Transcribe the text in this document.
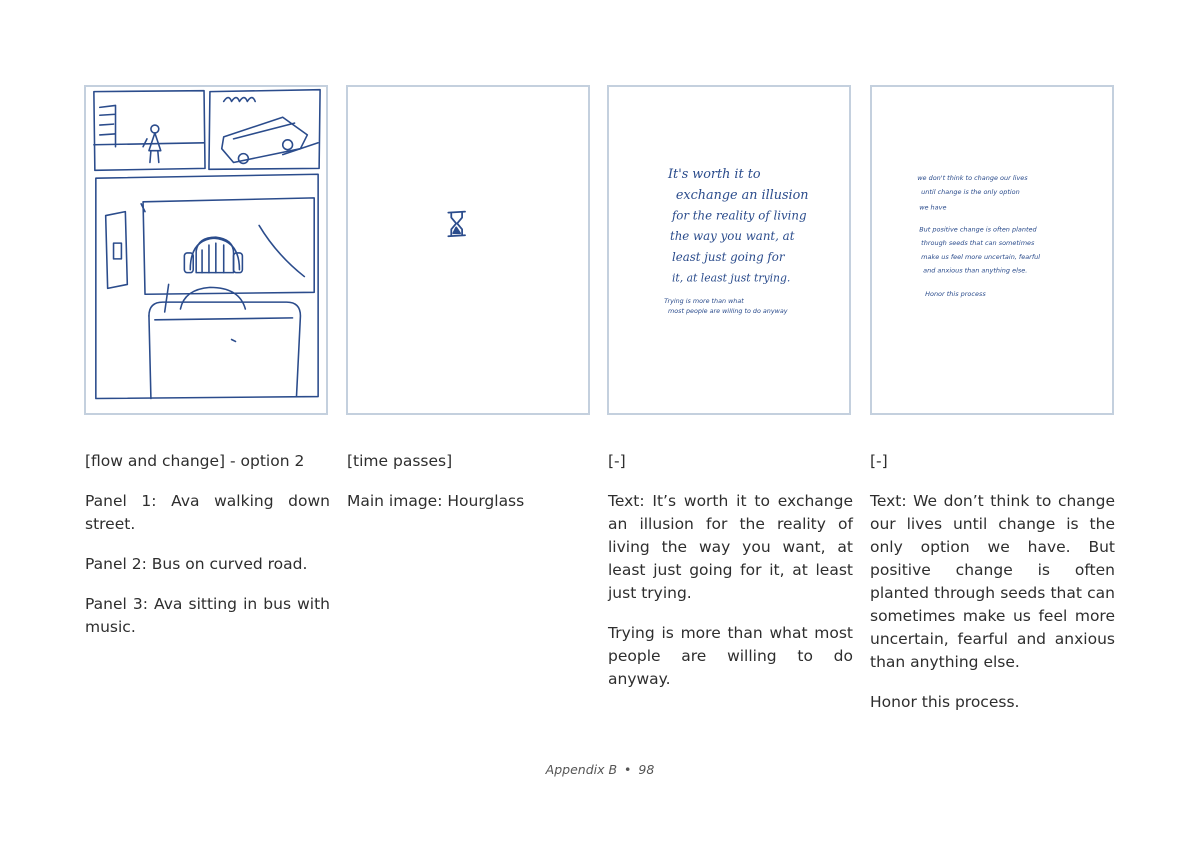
It's worth it to
exchange an illusion
for the reality of living
the way you want, at
least just going for
it, at least just trying.
Trying is more than what
most people are willing to do anyway
we don't think to change our lives
until change is the only option
we have
But positive change is often planted
through seeds that can sometimes
make us feel more uncertain, fearful
and anxious than anything else.
Honor this process

[flow and change] - option 2

Panel 1: Ava walking down street.

Panel 2: Bus on curved road.

Panel 3: Ava sitting in bus with music.

[time passes]

Main image: Hourglass

[-]

Text: It’s worth it to exchange an illusion for the reality of living the way you want, at least just going for it, at least just trying.

Trying is more than what most people are willing to do anyway.

[-]

Text: We don’t think to change our lives until change is the only option we have. But positive change is often planted through seeds that can sometimes make us feel more uncertain, fearful and anxious than anything else.

Honor this process.

Appendix B • 98
